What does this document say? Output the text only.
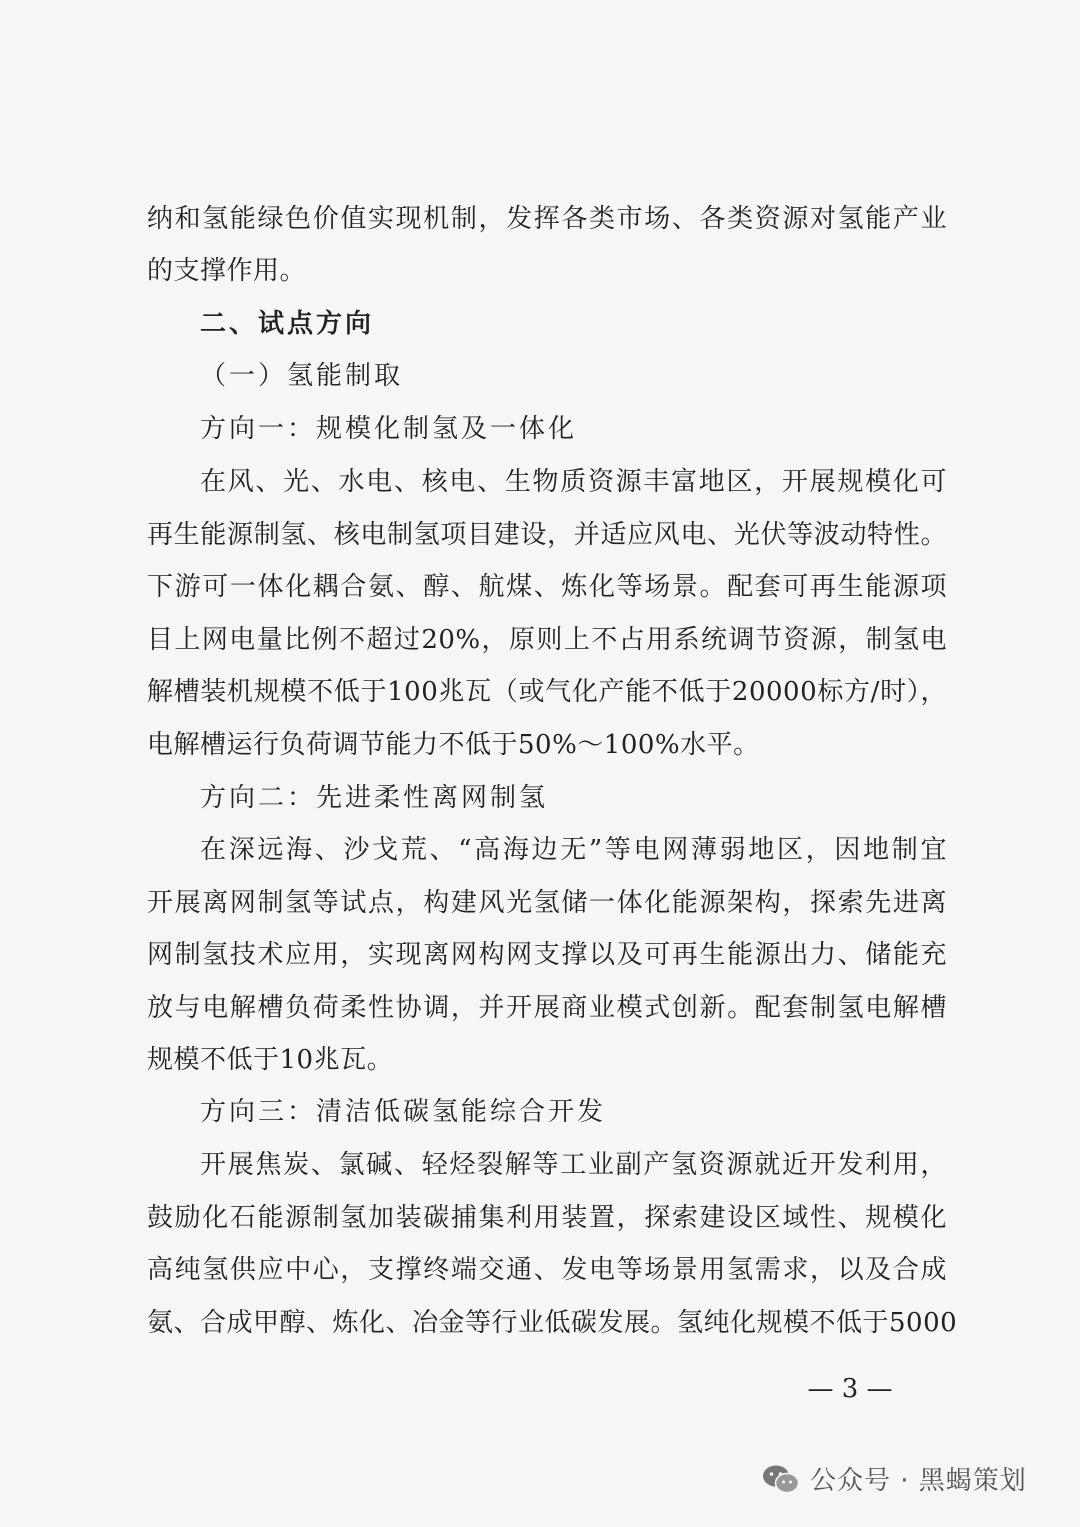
纳和氢能绿色价值实现机制，发挥各类市场、各类资源对氢能产业
的支撑作用。
二、试点方向
（一）氢能制取
方向一：规模化制氢及一体化
在风、光、水电、核电、生物质资源丰富地区，开展规模化可
再生能源制氢、核电制氢项目建设，并适应风电、光伏等波动特性。
下游可一体化耦合氨、醇、航煤、炼化等场景。配套可再生能源项
目上网电量比例不超过20%，原则上不占用系统调节资源，制氢电
解槽装机规模不低于100兆瓦（或气化产能不低于20000标方/时），
电解槽运行负荷调节能力不低于50%～100%水平。
方向二：先进柔性离网制氢
在深远海、沙戈荒、“高海边无”等电网薄弱地区，因地制宜
开展离网制氢等试点，构建风光氢储一体化能源架构，探索先进离
网制氢技术应用，实现离网构网支撑以及可再生能源出力、储能充
放与电解槽负荷柔性协调，并开展商业模式创新。配套制氢电解槽
规模不低于10兆瓦。
方向三：清洁低碳氢能综合开发
开展焦炭、氯碱、轻烃裂解等工业副产氢资源就近开发利用，
鼓励化石能源制氢加装碳捕集利用装置，探索建设区域性、规模化
高纯氢供应中心，支撑终端交通、发电等场景用氢需求，以及合成
氨、合成甲醇、炼化、冶金等行业低碳发展。氢纯化规模不低于5000
— 3 —
公众号 · 黑蝎策划
